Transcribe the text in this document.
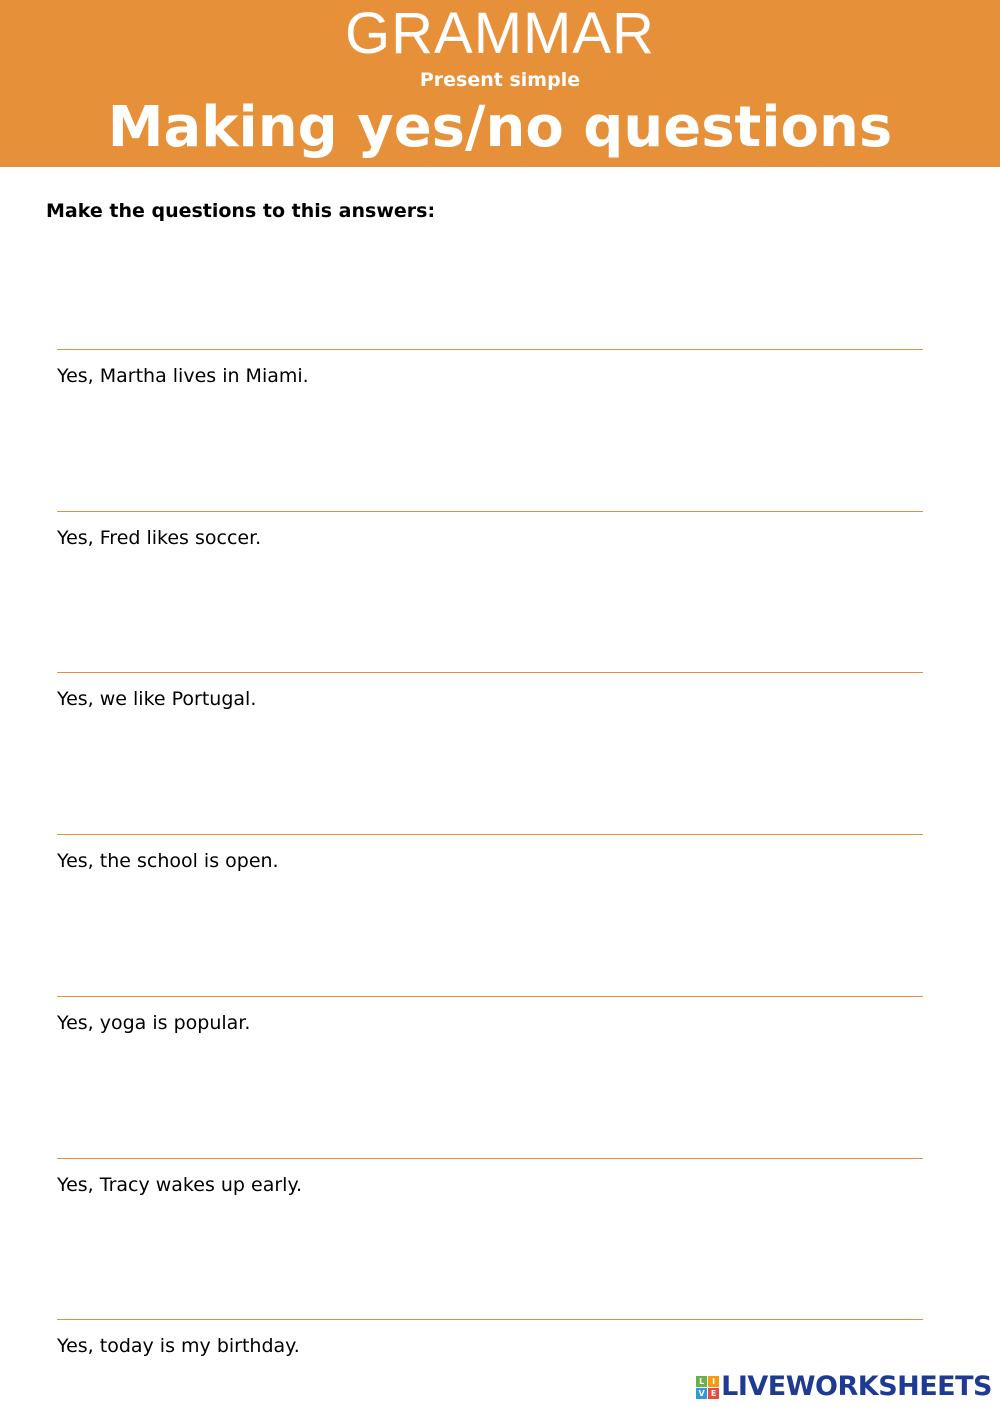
GRAMMAR
Present simple
Making yes/no questions
Make the questions to this answers:
Yes, Martha lives in Miami.
Yes, Fred likes soccer.
Yes, we like Portugal.
Yes, the school is open.
Yes, yoga is popular.
Yes, Tracy wakes up early.
Yes, today is my birthday.
L I
V E LIVEWORKSHEETS
